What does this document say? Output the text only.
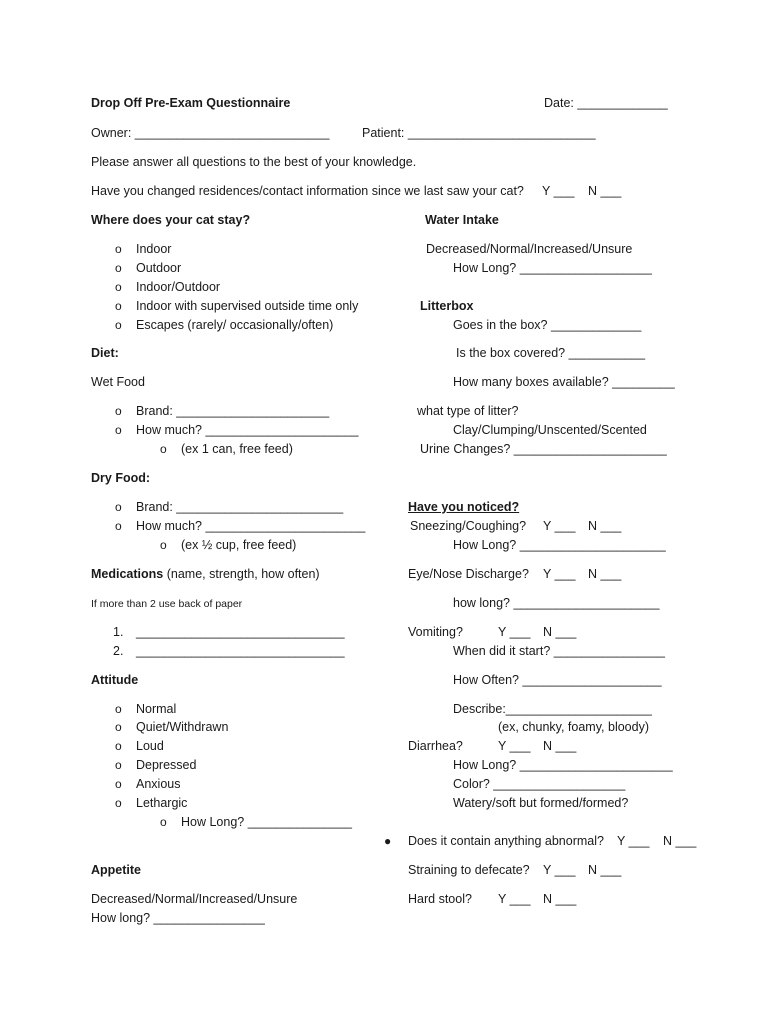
Drop Off Pre-Exam Questionnaire	Date: _____________
Owner: ____________________________	Patient: ___________________________
Please answer all questions to the best of your knowledge.
Have you changed residences/contact information since we last saw your cat? Y ___ N ___
Where does your cat stay?
o Indoor
o Outdoor
o Indoor/Outdoor
o Indoor with supervised outside time only
o Escapes (rarely/ occasionally/often)
Water Intake
Decreased/Normal/Increased/Unsure
How Long? ___________________
Litterbox
Goes in the box? _____________
Is the box covered? ___________
How many boxes available? _________
what type of litter?
Clay/Clumping/Unscented/Scented
Urine Changes? ______________________
Diet:
Wet Food
o Brand: ______________________
o How much? ______________________
o (ex 1 can, free feed)
Dry Food:
o Brand: ________________________
o How much? _______________________
o (ex ½ cup, free feed)
Have you noticed?
Sneezing/Coughing? Y ___ N ___
How Long? _____________________
Eye/Nose Discharge? Y ___ N ___
how long? _____________________
Vomiting?	Y ___ N ___
When did it start? ________________
How Often? ____________________
Describe:_____________________
(ex, chunky, foamy, bloody)
Diarrhea?	Y ___ N ___
How Long? ______________________
Color? ___________________
Watery/soft but formed/formed?
● Does it contain anything abnormal? Y ___ N ___
Straining to defecate? Y ___ N ___
Hard stool? Y ___ N ___
Medications (name, strength, how often)
If more than 2 use back of paper
1. ______________________________
2. ______________________________
Attitude
o Normal
o Quiet/Withdrawn
o Loud
o Depressed
o Anxious
o Lethargic
o How Long? _______________
Appetite
Decreased/Normal/Increased/Unsure
How long? ________________
